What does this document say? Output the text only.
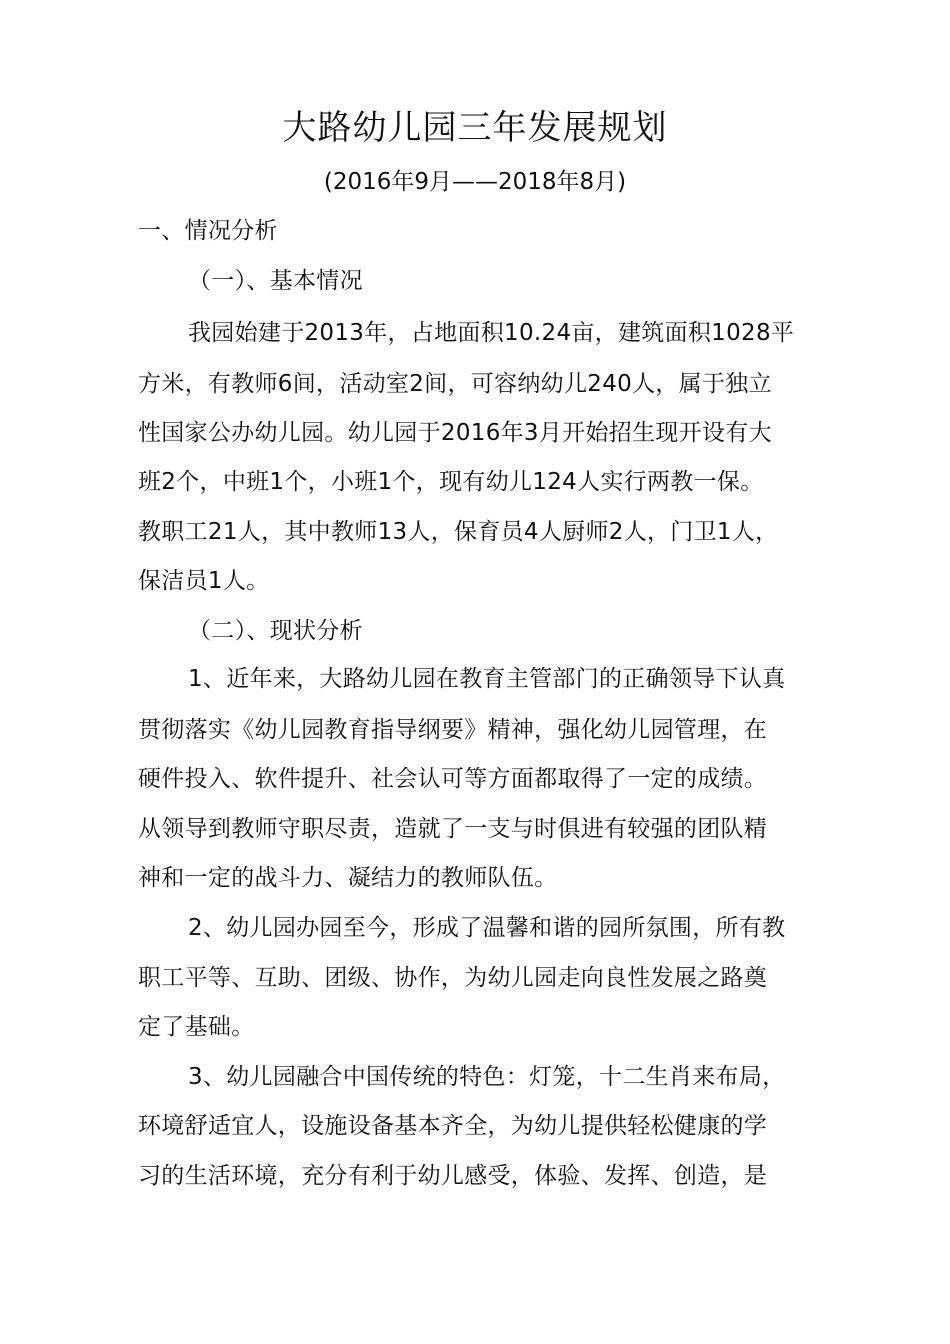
大路幼儿园三年发展规划
(2016年9月——2018年8月)
一、情况分析
（一）、基本情况
我园始建于2013年，占地面积10.24亩，建筑面积1028平
方米，有教师6间，活动室2间，可容纳幼儿240人，属于独立
性国家公办幼儿园。幼儿园于2016年3月开始招生现开设有大
班2个，中班1个，小班1个，现有幼儿124人实行两教一保。
教职工21人，其中教师13人，保育员4人厨师2人，门卫1人，
保洁员1人。
（二）、现状分析
1、近年来，大路幼儿园在教育主管部门的正确领导下认真
贯彻落实《幼儿园教育指导纲要》精神，强化幼儿园管理，在
硬件投入、软件提升、社会认可等方面都取得了一定的成绩。
从领导到教师守职尽责，造就了一支与时俱进有较强的团队精
神和一定的战斗力、凝结力的教师队伍。
2、幼儿园办园至今，形成了温馨和谐的园所氛围，所有教
职工平等、互助、团级、协作，为幼儿园走向良性发展之路奠
定了基础。
3、幼儿园融合中国传统的特色：灯笼，十二生肖来布局，
环境舒适宜人，设施设备基本齐全，为幼儿提供轻松健康的学
习的生活环境，充分有利于幼儿感受，体验、发挥、创造，是
